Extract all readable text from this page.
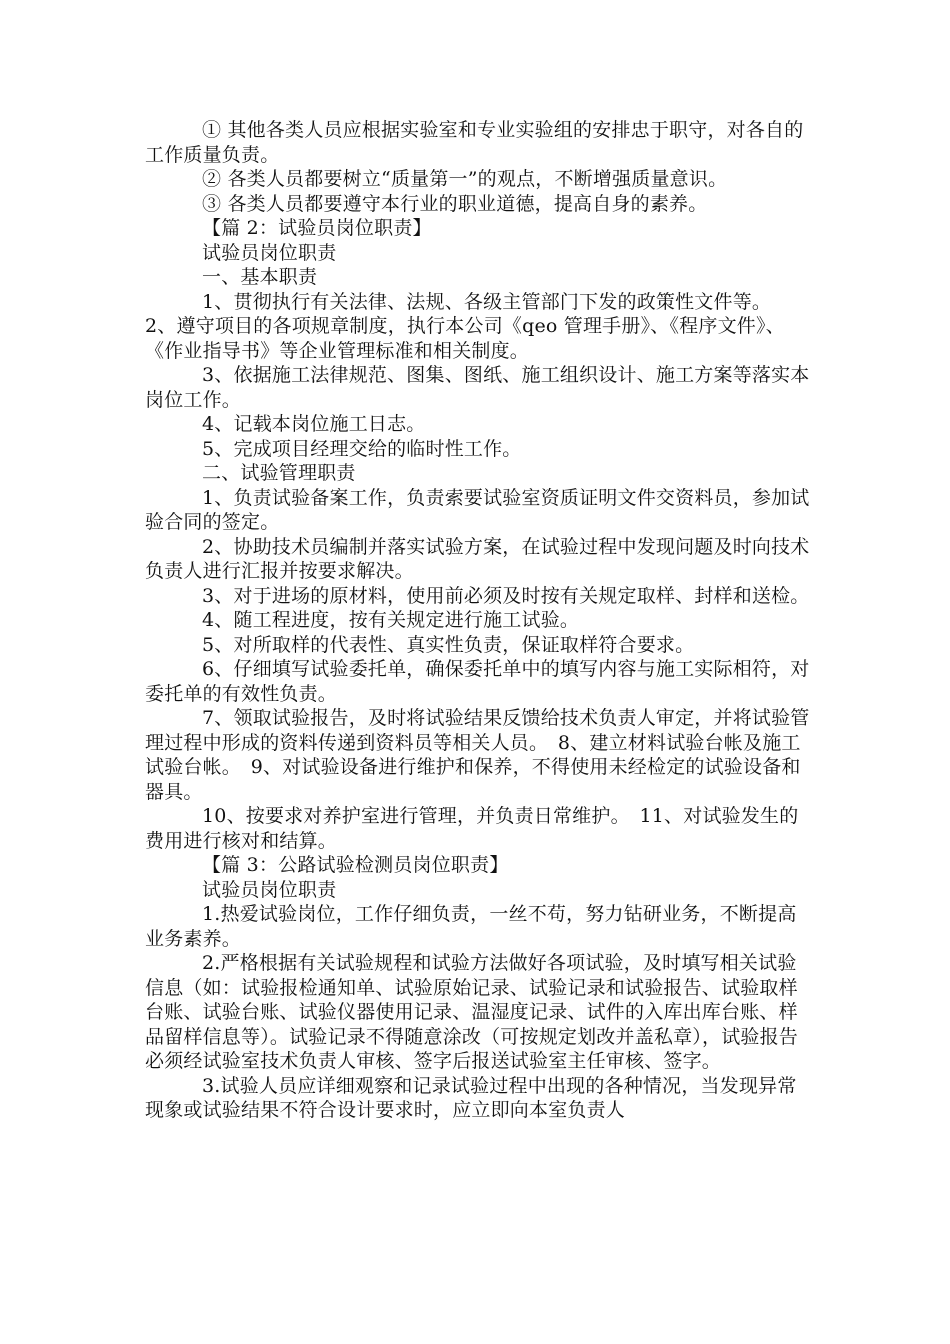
① 其他各类人员应根据实验室和专业实验组的安排忠于职守，对各自的工作质量负责。

② 各类人员都要树立“质量第一”的观点，不断增强质量意识。

③ 各类人员都要遵守本行业的职业道德，提高自身的素养。

【篇 2：试验员岗位职责】

试验员岗位职责

一、基本职责

1、贯彻执行有关法律、法规、各级主管部门下发的政策性文件等。　2、遵守项目的各项规章制度，执行本公司《qeo 管理手册》、《程序文件》、《作业指导书》等企业管理标准和相关制度。

3、依据施工法律规范、图集、图纸、施工组织设计、施工方案等落实本岗位工作。

4、记载本岗位施工日志。

5、完成项目经理交给的临时性工作。

二、试验管理职责

1、负责试验备案工作，负责索要试验室资质证明文件交资料员，参加试验合同的签定。

2、协助技术员编制并落实试验方案，在试验过程中发现问题及时向技术负责人进行汇报并按要求解决。

3、对于进场的原材料，使用前必须及时按有关规定取样、封样和送检。

4、随工程进度，按有关规定进行施工试验。

5、对所取样的代表性、真实性负责，保证取样符合要求。

6、仔细填写试验委托单，确保委托单中的填写内容与施工实际相符，对委托单的有效性负责。

7、领取试验报告，及时将试验结果反馈给技术负责人审定，并将试验管理过程中形成的资料传递到资料员等相关人员。　8、建立材料试验台帐及施工试验台帐。　9、对试验设备进行维护和保养，不得使用未经检定的试验设备和器具。

10、按要求对养护室进行管理，并负责日常维护。　11、对试验发生的费用进行核对和结算。

【篇 3：公路试验检测员岗位职责】

试验员岗位职责

1.热爱试验岗位，工作仔细负责，一丝不苟，努力钻研业务，不断提高业务素养。

2.严格根据有关试验规程和试验方法做好各项试验，及时填写相关试验信息（如：试验报检通知单、试验原始记录、试验记录和试验报告、试验取样台账、试验台账、试验仪器使用记录、温湿度记录、试件的入库出库台账、样品留样信息等）。试验记录不得随意涂改（可按规定划改并盖私章），试验报告必须经试验室技术负责人审核、签字后报送试验室主任审核、签字。

3.试验人员应详细观察和记录试验过程中出现的各种情况，当发现异常现象或试验结果不符合设计要求时，应立即向本室负责人
